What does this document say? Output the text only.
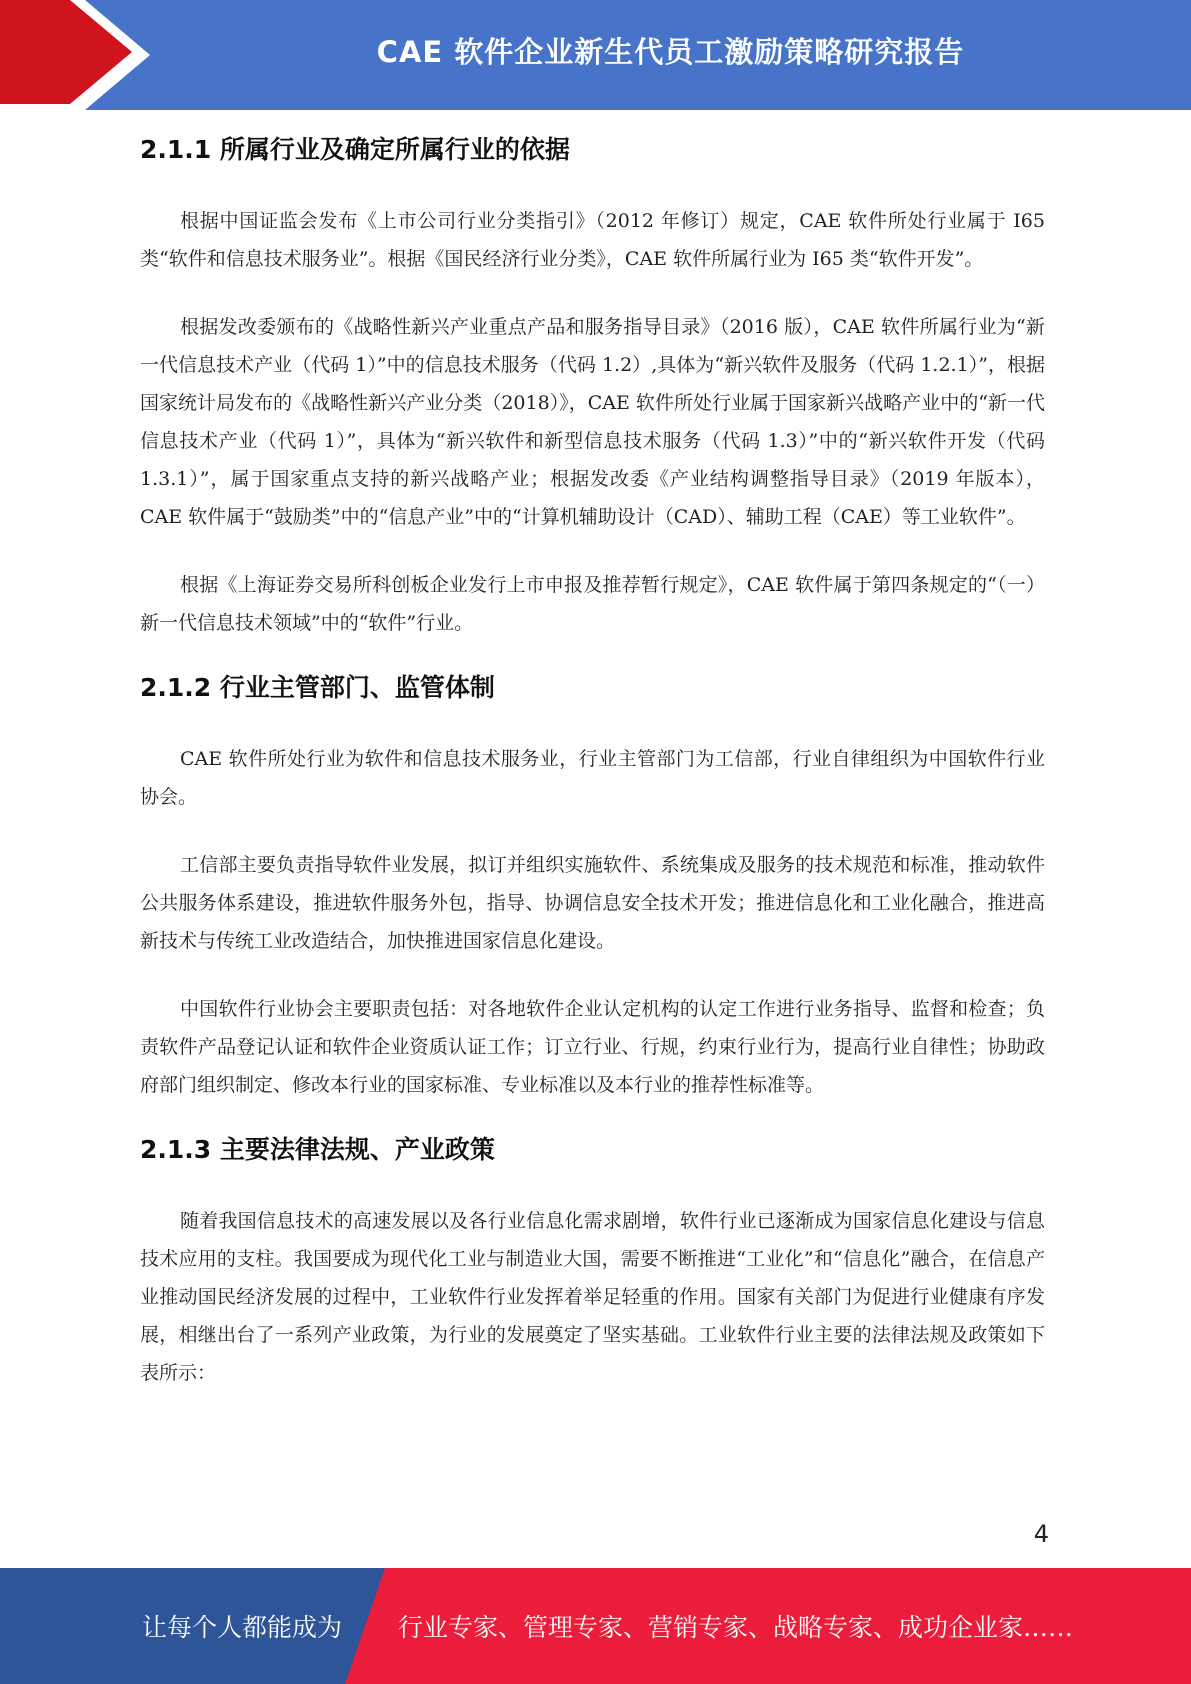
CAE 软件企业新生代员工激励策略研究报告
2.1.1 所属行业及确定所属行业的依据

根据中国证监会发布《上市公司行业分类指引》（2012 年修订）规定，CAE 软件所处行业属于 I65 类“软件和信息技术服务业”。根据《国民经济行业分类》，CAE 软件所属行业为 I65 类“软件开发”。

根据发改委颁布的《战略性新兴产业重点产品和服务指导目录》（2016 版），CAE 软件所属行业为“新一代信息技术产业（代码 1）”中的信息技术服务（代码 1.2）,具体为“新兴软件及服务（代码 1.2.1）”，根据国家统计局发布的《战略性新兴产业分类（2018）》，CAE 软件所处行业属于国家新兴战略产业中的“新一代信息技术产业（代码 1）”，具体为“新兴软件和新型信息技术服务（代码 1.3）”中的“新兴软件开发（代码 1.3.1）”，属于国家重点支持的新兴战略产业；根据发改委《产业结构调整指导目录》（2019 年版本），CAE 软件属于“鼓励类”中的“信息产业”中的“计算机辅助设计（CAD）、辅助工程（CAE）等工业软件”。

根据《上海证券交易所科创板企业发行上市申报及推荐暂行规定》，CAE 软件属于第四条规定的“（一）新一代信息技术领域”中的“软件”行业。

2.1.2 行业主管部门、监管体制

CAE 软件所处行业为软件和信息技术服务业，行业主管部门为工信部，行业自律组织为中国软件行业协会。

工信部主要负责指导软件业发展，拟订并组织实施软件、系统集成及服务的技术规范和标准，推动软件公共服务体系建设，推进软件服务外包，指导、协调信息安全技术开发；推进信息化和工业化融合，推进高新技术与传统工业改造结合，加快推进国家信息化建设。

中国软件行业协会主要职责包括：对各地软件企业认定机构的认定工作进行业务指导、监督和检查；负责软件产品登记认证和软件企业资质认证工作；订立行业、行规，约束行业行为，提高行业自律性；协助政府部门组织制定、修改本行业的国家标准、专业标准以及本行业的推荐性标准等。

2.1.3 主要法律法规、产业政策

随着我国信息技术的高速发展以及各行业信息化需求剧增，软件行业已逐渐成为国家信息化建设与信息技术应用的支柱。我国要成为现代化工业与制造业大国，需要不断推进“工业化”和“信息化”融合，在信息产业推动国民经济发展的过程中，工业软件行业发挥着举足轻重的作用。国家有关部门为促进行业健康有序发展，相继出台了一系列产业政策，为行业的发展奠定了坚实基础。工业软件行业主要的法律法规及政策如下表所示：

4
让每个人都能成为 行业专家、管理专家、营销专家、战略专家、成功企业家……
